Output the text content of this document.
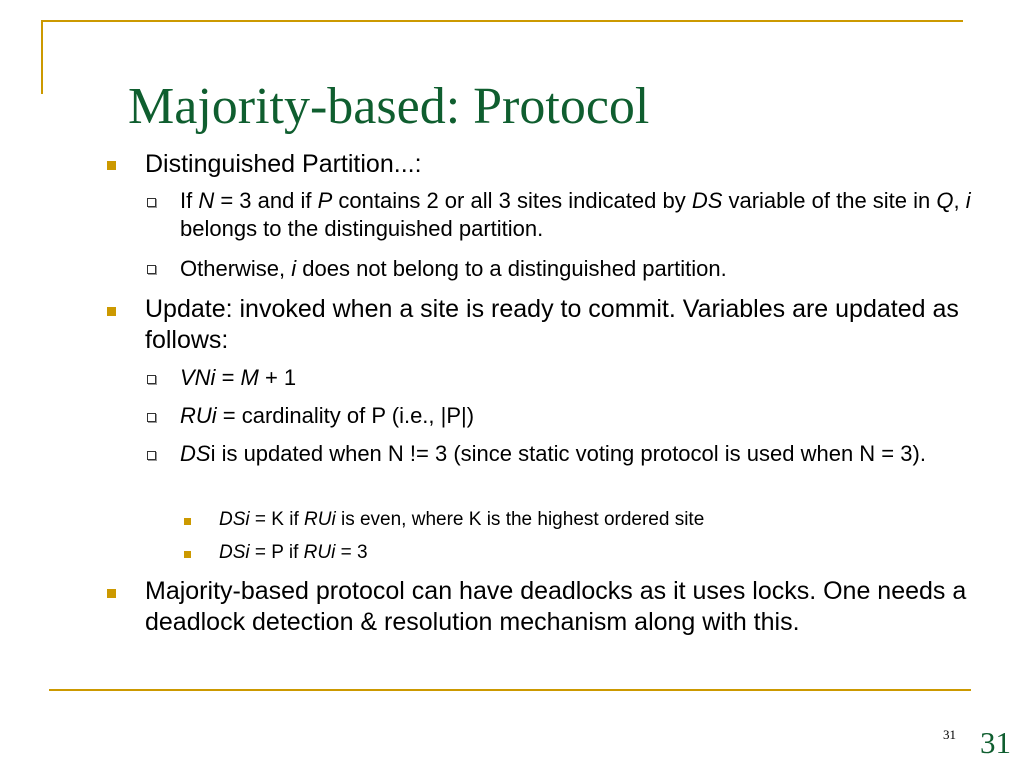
Majority-based: Protocol
Distinguished Partition...:
If N = 3 and if P contains 2 or all 3 sites indicated by DS variable of the site in Q, i belongs to the distinguished partition.
Otherwise, i does not belong to a distinguished partition.
Update: invoked when a site is ready to commit. Variables are updated as follows:
VNi = M + 1
RUi = cardinality of P (i.e., |P|)
DSi is updated when N != 3 (since static voting protocol is used when N = 3).
DSi = K if RUi is even, where K is the highest ordered site
DSi = P if RUi = 3
Majority-based protocol can have deadlocks as it uses locks. One needs a deadlock detection & resolution mechanism along with this.
31 31
